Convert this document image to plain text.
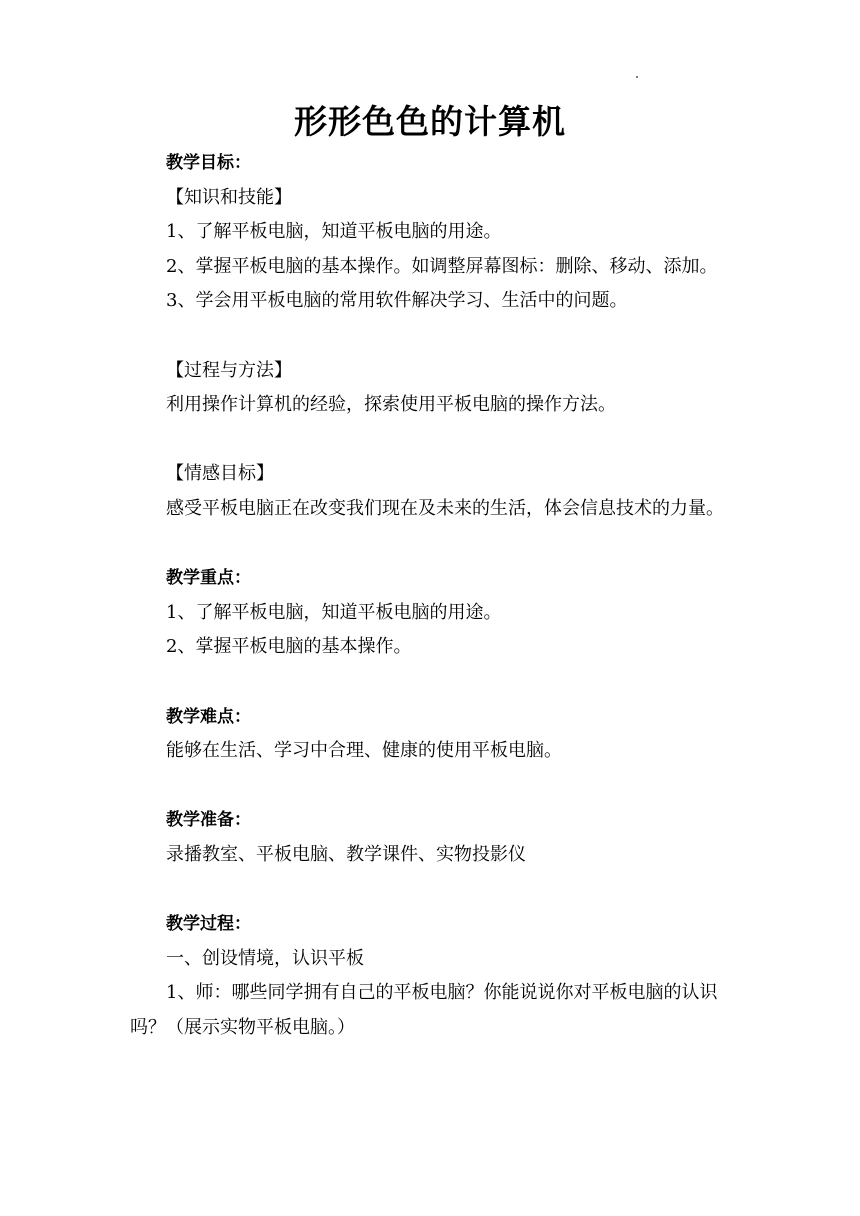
形形色色的计算机

教学目标：

【知识和技能】

1、了解平板电脑，知道平板电脑的用途。

2、掌握平板电脑的基本操作。如调整屏幕图标：删除、移动、添加。

3、学会用平板电脑的常用软件解决学习、生活中的问题。

【过程与方法】

利用操作计算机的经验，探索使用平板电脑的操作方法。

【情感目标】

感受平板电脑正在改变我们现在及未来的生活，体会信息技术的力量。

教学重点：

1、了解平板电脑，知道平板电脑的用途。

2、掌握平板电脑的基本操作。

教学难点：

能够在生活、学习中合理、健康的使用平板电脑。

教学准备：

录播教室、平板电脑、教学课件、实物投影仪

教学过程：

一、创设情境，认识平板

1、师：哪些同学拥有自己的平板电脑？你能说说你对平板电脑的认识吗？（展示实物平板电脑。）
